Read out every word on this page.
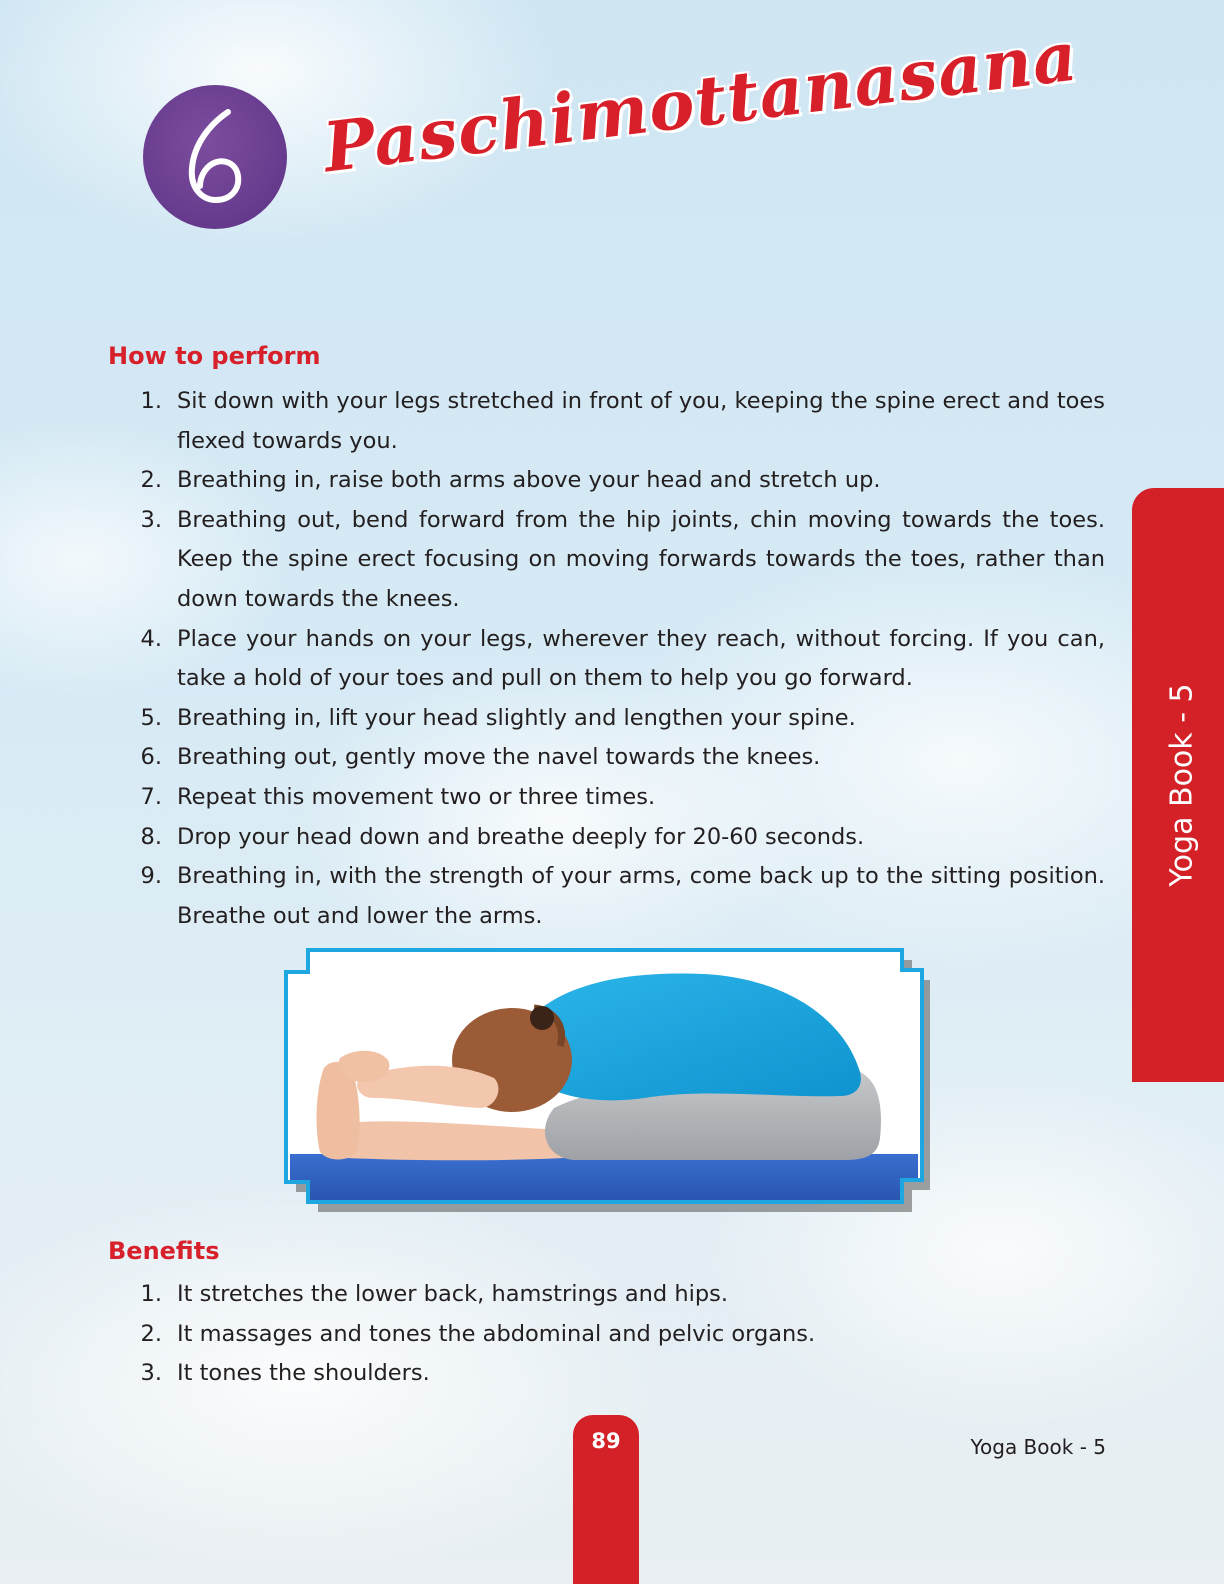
Paschimottanasana
How to perform
1. Sit down with your legs stretched in front of you, keeping the spine erect and toes flexed towards you.
2. Breathing in, raise both arms above your head and stretch up.
3. Breathing out, bend forward from the hip joints, chin moving towards the toes. Keep the spine erect focusing on moving forwards towards the toes, rather than down towards the knees.
4. Place your hands on your legs, wherever they reach, without forcing. If you can, take a hold of your toes and pull on them to help you go forward.
5. Breathing in, lift your head slightly and lengthen your spine.
6. Breathing out, gently move the navel towards the knees.
7. Repeat this movement two or three times.
8. Drop your head down and breathe deeply for 20-60 seconds.
9. Breathing in, with the strength of your arms, come back up to the sitting position. Breathe out and lower the arms.
Benefits
1. It stretches the lower back, hamstrings and hips.
2. It massages and tones the abdominal and pelvic organs.
3. It tones the shoulders.
Yoga Book - 5
89	Yoga Book - 5
